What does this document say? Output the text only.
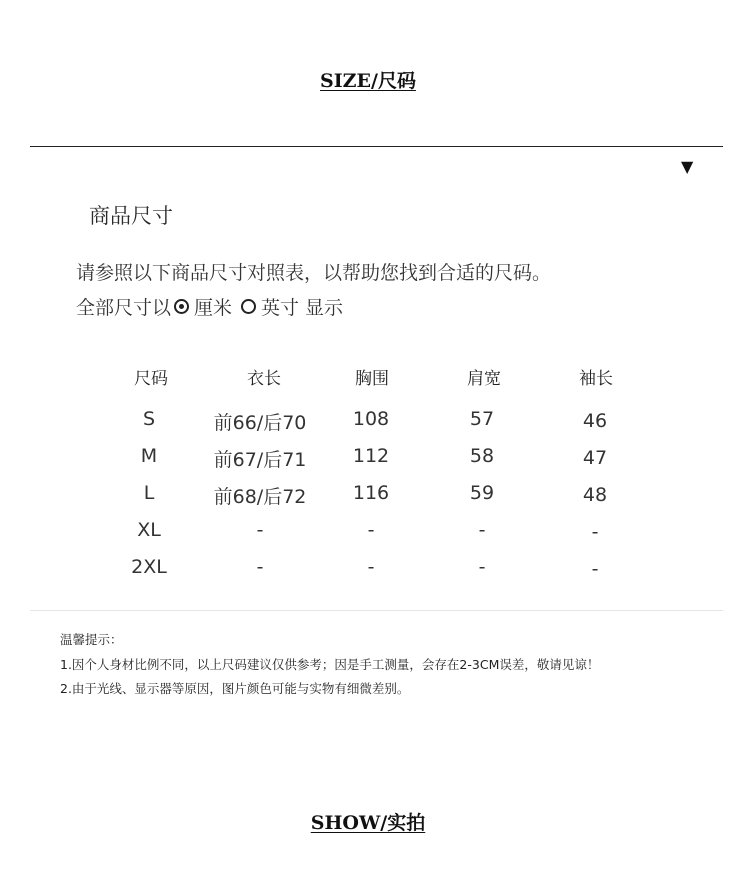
SIZE/尺码
▼
商品尺寸
请参照以下商品尺寸对照表，以帮助您找到合适的尺码。
全部尺寸以 厘米 英寸 显示
尺码	衣长	胸围	肩宽	袖长
S	前66/后70	108	57	46
M	前67/后71	112	58	47
L	前68/后72	116	59	48
XL	-	-	-	-
2XL	-	-	-	-
温馨提示：
1.因个人身材比例不同，以上尺码建议仅供参考；因是手工测量，会存在2-3CM误差，敬请见谅！
2.由于光线、显示器等原因，图片颜色可能与实物有细微差别。
SHOW/实拍
